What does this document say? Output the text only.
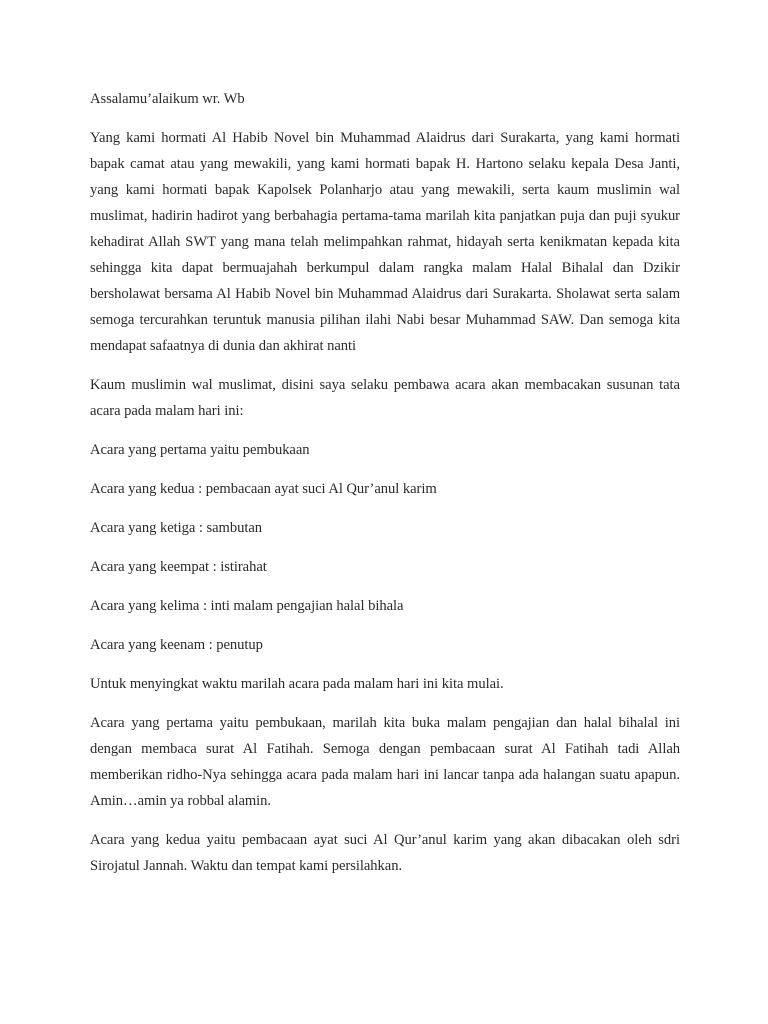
Assalamu’alaikum wr. Wb

Yang kami hormati Al Habib Novel bin Muhammad Alaidrus dari Surakarta, yang kami hormati bapak camat atau yang mewakili, yang kami hormati bapak H. Hartono selaku kepala Desa Janti, yang kami hormati bapak Kapolsek Polanharjo atau yang mewakili, serta kaum muslimin wal muslimat, hadirin hadirot yang berbahagia pertama-tama marilah kita panjatkan puja dan puji syukur kehadirat Allah SWT yang mana telah melimpahkan rahmat, hidayah serta kenikmatan kepada kita sehingga kita dapat bermuajahah berkumpul dalam rangka malam Halal Bihalal dan Dzikir bersholawat bersama Al Habib Novel bin Muhammad Alaidrus dari Surakarta. Sholawat serta salam semoga tercurahkan teruntuk manusia pilihan ilahi Nabi besar Muhammad SAW. Dan semoga kita mendapat safaatnya di dunia dan akhirat nanti

Kaum muslimin wal muslimat, disini saya selaku pembawa acara akan membacakan susunan tata acara pada malam hari ini:

Acara yang pertama yaitu pembukaan

Acara yang kedua : pembacaan ayat suci Al Qur’anul karim

Acara yang ketiga : sambutan

Acara yang keempat : istirahat

Acara yang kelima : inti malam pengajian halal bihala

Acara yang keenam : penutup

Untuk menyingkat waktu marilah acara pada malam hari ini kita mulai.

Acara yang pertama yaitu pembukaan, marilah kita buka malam pengajian dan halal bihalal ini dengan membaca surat Al Fatihah. Semoga dengan pembacaan surat Al Fatihah tadi Allah memberikan ridho-Nya sehingga acara pada malam hari ini lancar tanpa ada halangan suatu apapun. Amin…amin ya robbal alamin.

Acara yang kedua yaitu pembacaan ayat suci Al Qur’anul karim yang akan dibacakan oleh sdri Sirojatul Jannah. Waktu dan tempat kami persilahkan.
